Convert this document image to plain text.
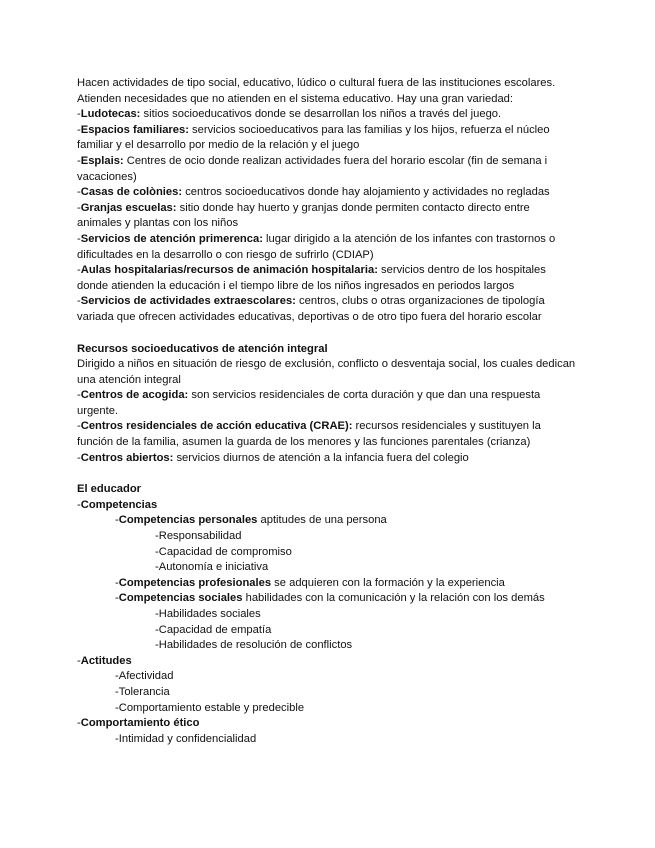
Hacen actividades de tipo social, educativo, lúdico o cultural fuera de las instituciones escolares.

Atienden necesidades que no atienden en el sistema educativo. Hay una gran variedad:

-Ludotecas: sitios socioeducativos donde se desarrollan los niños a través del juego.

-Espacios familiares: servicios socioeducativos para las familias y los hijos, refuerza el núcleo familiar y el desarrollo por medio de la relación y el juego

-Esplais: Centres de ocio donde realizan actividades fuera del horario escolar (fin de semana i vacaciones)

-Casas de colònies: centros socioeducativos donde hay alojamiento y actividades no regladas

-Granjas escuelas: sitio donde hay huerto y granjas donde permiten contacto directo entre animales y plantas con los niños

-Servicios de atención primerenca: lugar dirigido a la atención de los infantes con trastornos o dificultades en la desarrollo o con riesgo de sufrirlo (CDIAP)

-Aulas hospitalarias/recursos de animación hospitalaria: servicios dentro de los hospitales donde atienden la educación i el tiempo libre de los niños ingresados en periodos largos

-Servicios de actividades extraescolares: centros, clubs o otras organizaciones de tipología variada que ofrecen actividades educativas, deportivas o de otro tipo fuera del horario escolar

Recursos socioeducativos de atención integral

Dirigido a niños en situación de riesgo de exclusión, conflicto o desventaja social, los cuales dedican una atención integral

-Centros de acogida: son servicios residenciales de corta duración y que dan una respuesta urgente.

-Centros residenciales de acción educativa (CRAE): recursos residenciales y sustituyen la función de la familia, asumen la guarda de los menores y las funciones parentales (crianza)

-Centros abiertos: servicios diurnos de atención a la infancia fuera del colegio

El educador

-Competencias

-Competencias personales aptitudes de una persona

-Responsabilidad

-Capacidad de compromiso

-Autonomía e iniciativa

-Competencias profesionales se adquieren con la formación y la experiencia

-Competencias sociales habilidades con la comunicación y la relación con los demás

-Habilidades sociales

-Capacidad de empatía

-Habilidades de resolución de conflictos

-Actitudes

-Afectividad

-Tolerancia

-Comportamiento estable y predecible

-Comportamiento ético

-Intimidad y confidencialidad
